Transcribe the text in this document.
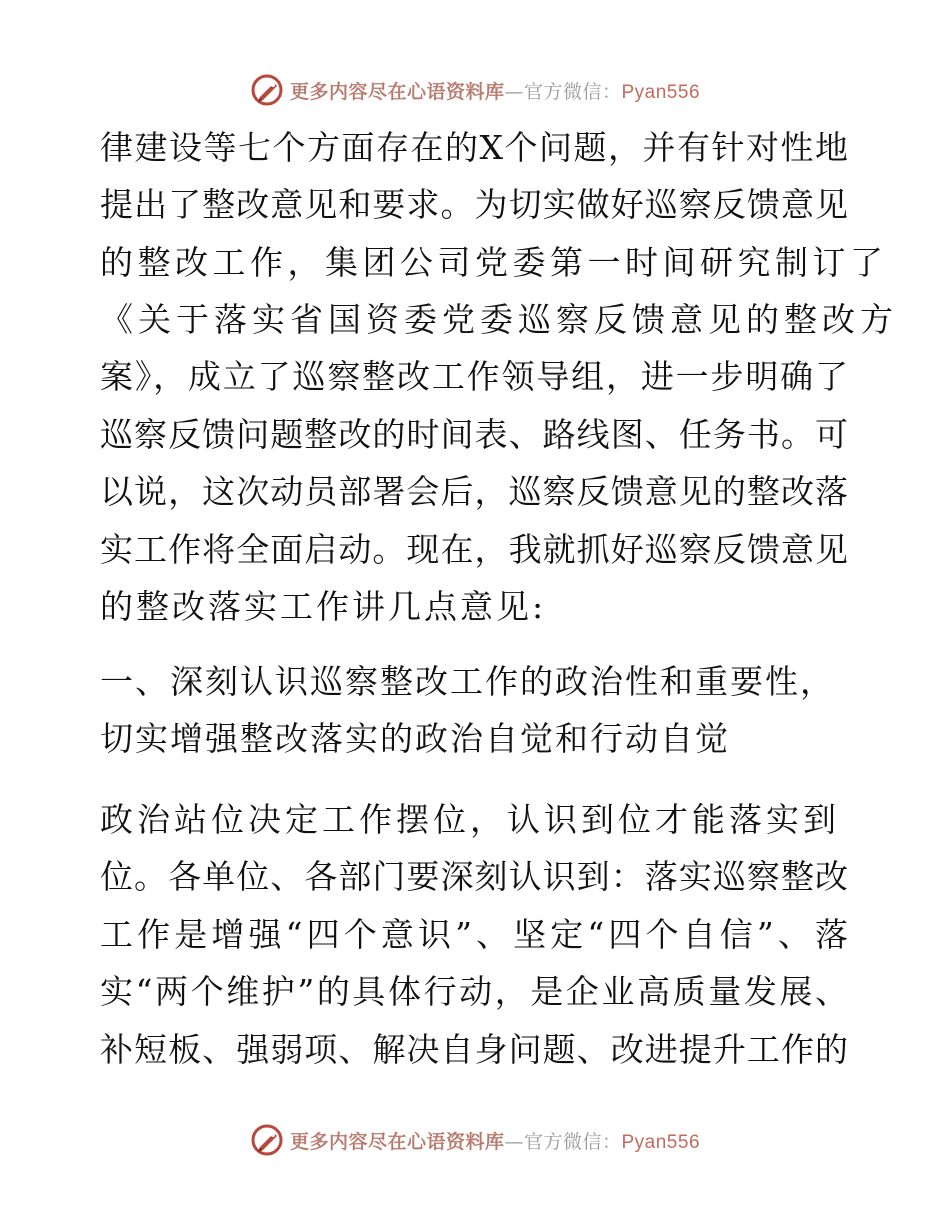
更多内容尽在心语资料库—官方微信：Pyan556
律建设等七个方面存在的X个问题，并有针对性地
提出了整改意见和要求。为切实做好巡察反馈意见
的整改工作，集团公司党委第一时间研究制订了
《关于落实省国资委党委巡察反馈意见的整改方
案》，成立了巡察整改工作领导组，进一步明确了
巡察反馈问题整改的时间表、路线图、任务书。可
以说，这次动员部署会后，巡察反馈意见的整改落
实工作将全面启动。现在，我就抓好巡察反馈意见
的整改落实工作讲几点意见:
一、深刻认识巡察整改工作的政治性和重要性，
切实增强整改落实的政治自觉和行动自觉
政治站位决定工作摆位，认识到位才能落实到
位。各单位、各部门要深刻认识到：落实巡察整改
工作是增强“四个意识”、坚定“四个自信”、落
实“两个维护”的具体行动，是企业高质量发展、
补短板、强弱项、解决自身问题、改进提升工作的
更多内容尽在心语资料库—官方微信：Pyan556
